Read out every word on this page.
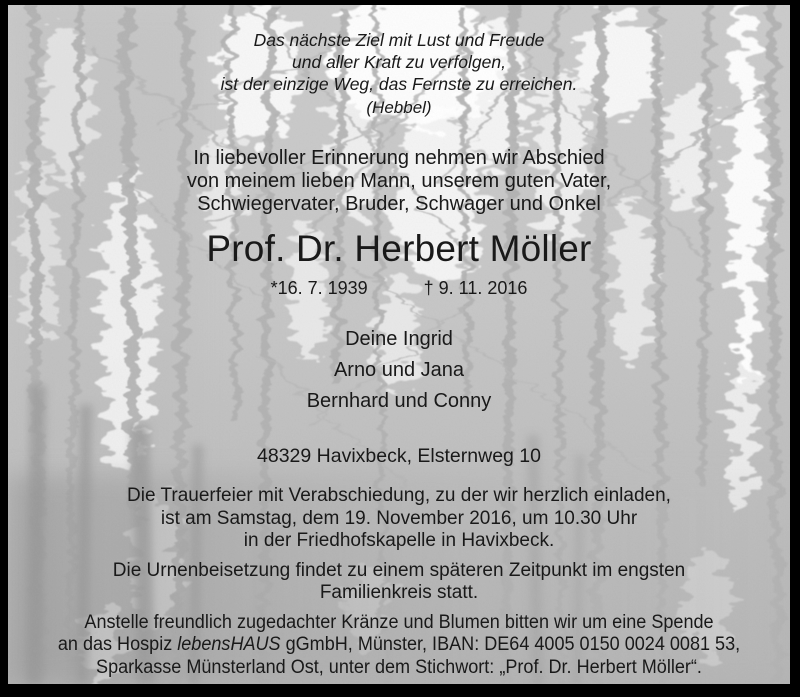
Das nächste Ziel mit Lust und Freude
und aller Kraft zu verfolgen,
ist der einzige Weg, das Fernste zu erreichen.
(Hebbel)
In liebevoller Erinnerung nehmen wir Abschied
von meinem lieben Mann, unserem guten Vater,
Schwiegervater, Bruder, Schwager und Onkel
Prof. Dr. Herbert Möller
*16. 7. 1939	† 9. 11. 2016
Deine Ingrid
Arno und Jana
Bernhard und Conny
48329 Havixbeck, Elsternweg 10
Die Trauerfeier mit Verabschiedung, zu der wir herzlich einladen,
ist am Samstag, dem 19. November 2016, um 10.30 Uhr
in der Friedhofskapelle in Havixbeck.
Die Urnenbeisetzung findet zu einem späteren Zeitpunkt im engsten
Familienkreis statt.
Anstelle freundlich zugedachter Kränze und Blumen bitten wir um eine Spende
an das Hospiz lebensHAUS gGmbH, Münster, IBAN: DE64 4005 0150 0024 0081 53,
Sparkasse Münsterland Ost, unter dem Stichwort: „Prof. Dr. Herbert Möller“.
